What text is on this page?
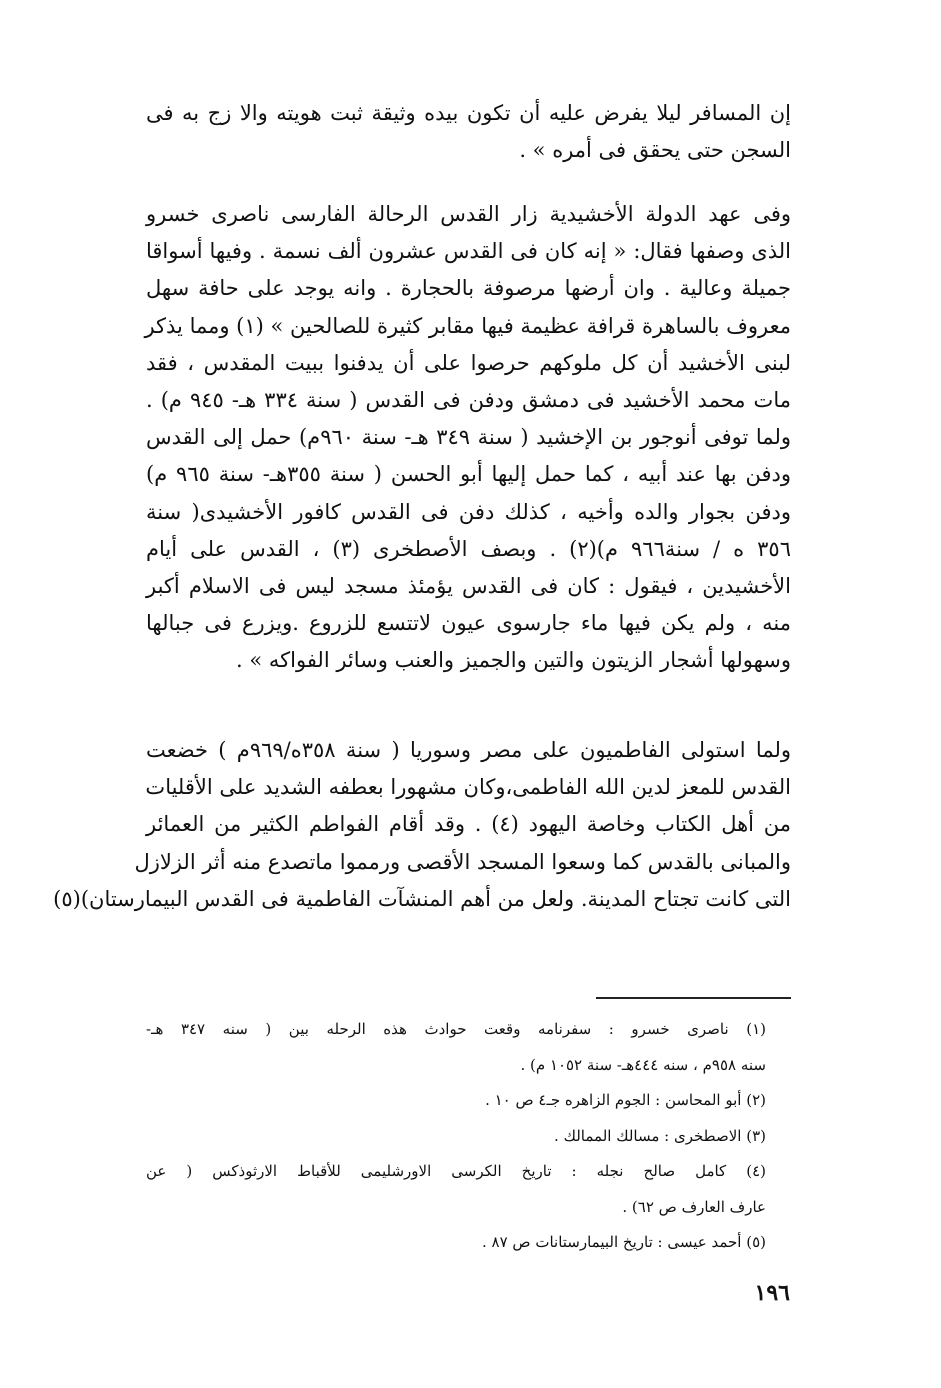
إن المسافر ليلا يفرض عليه أن تكون بيده وثيقة ثبت هويته والا زج به فى
السجن حتى يحقق فى أمره » .
وفى عهد الدولة الأخشيدية زار القدس الرحالة الفارسى ناصرى خسرو
الذى وصفها فقال: « إنه كان فى القدس عشرون ألف نسمة . وفيها أسواقا
جميلة وعالية . وان أرضها مرصوفة بالحجارة . وانه يوجد على حافة سهل
معروف بالساهرة قرافة عظيمة فيها مقابر كثيرة للصالحين » (١) ومما يذكر
لبنى الأخشيد أن كل ملوكهم حرصوا على أن يدفنوا ببيت المقدس ، فقد
مات محمد الأخشيد فى دمشق ودفن فى القدس ( سنة ٣٣٤ هـ- ٩٤٥ م) .
ولما توفى أنوجور بن الإخشيد ( سنة ٣٤٩ هـ- سنة ٩٦٠م) حمل إلى القدس
ودفن بها عند أبيه ، كما حمل إليها أبو الحسن ( سنة ٣٥٥هـ- سنة ٩٦٥ م)
ودفن بجوار والده وأخيه ، كذلك دفن فى القدس كافور الأخشيدى( سنة
٣٥٦ ه / سنة٩٦٦ م)(٢) . وبصف الأصطخرى (٣) ، القدس على أيام
الأخشيدين ، فيقول : كان فى القدس يؤمئذ مسجد ليس فى الاسلام أكبر
منه ، ولم يكن فيها ماء جارسوى عيون لاتتسع للزروع .ويزرع فى جبالها
وسهولها أشجار الزيتون والتين والجميز والعنب وسائر الفواكه » .
ولما استولى الفاطميون على مصر وسوريا ( سنة ٣٥٨ه/٩٦٩م ) خضعت
القدس للمعز لدين الله الفاطمى،وكان مشهورا بعطفه الشديد على الأقليات
من أهل الكتاب وخاصة اليهود (٤) . وقد أقام الفواطم الكثير من العمائر
والمبانى بالقدس كما وسعوا المسجد الأقصى ورمموا ماتصدع منه أثر الزلازل
التى كانت تجتاح المدينة. ولعل من أهم المنشآت الفاطمية فى القدس البيمارستان)(٥)
(١) ناصرى خسرو : سفرنامه وقعت حوادث هذه الرحله بين ( سنه ٣٤٧ هـ-
سنه ٩٥٨م ، سنه ٤٤٤هـ- سنة ١٠٥٢ م) .
(٢) أبو المحاسن : الجوم الزاهره جـ٤ ص ١٠ .
(٣) الاصطخرى : مسالك الممالك .
(٤) كامل صالح نجله : تاريخ الكرسى الاورشليمى للأقباط الارثوذكس ( عن
عارف العارف ص ٦٢) .
(٥) أحمد عيسى : تاريخ البيمارستانات ص ٨٧ .
١٩٦
